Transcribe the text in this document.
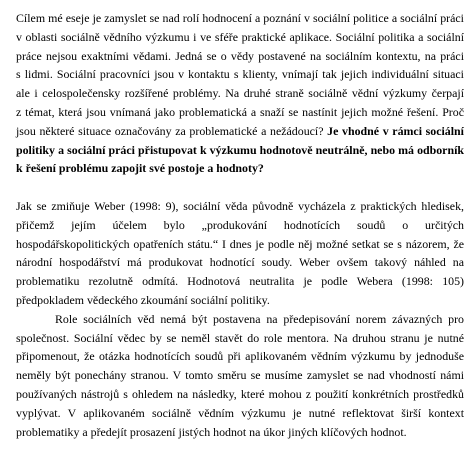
Cílem mé eseje je zamyslet se nad rolí hodnocení a poznání v sociální politice a sociální práci
v oblasti sociálně vědního výzkumu i ve sféře praktické aplikace. Sociální politika a sociální
práce nejsou exaktními vědami. Jedná se o vědy postavené na sociálním kontextu, na práci
s lidmi. Sociální pracovníci jsou v kontaktu s klienty, vnímají tak jejich individuální situaci
ale i celospolečensky rozšířené problémy. Na druhé straně sociálně vědní výzkumy čerpají
z témat, která jsou vnímaná jako problematická a snaží se nastínit jejich možné řešení. Proč
jsou některé situace označovány za problematické a nežádoucí? Je vhodné v rámci sociální
politiky a sociální práci přistupovat k výzkumu hodnotově neutrálně, nebo má odborník
k řešení problému zapojit své postoje a hodnoty?
Jak se zmiňuje Weber (1998: 9), sociální věda původně vycházela z praktických hledisek,
přičemž jejím účelem bylo „produkování hodnotících soudů o určitých
hospodářskopolitických opatřeních státu.“ I dnes je podle něj možné setkat se s názorem, že
národní hospodářství má produkovat hodnotící soudy. Weber ovšem takový náhled na
problematiku rezolutně odmítá. Hodnotová neutralita je podle Webera (1998: 105)
předpokladem vědeckého zkoumání sociální politiky.
Role sociálních věd nemá být postavena na předepisování norem závazných pro
společnost. Sociální vědec by se neměl stavět do role mentora. Na druhou stranu je nutné
připomenout, že otázka hodnotících soudů při aplikovaném vědním výzkumu by jednoduše
neměly být ponechány stranou. V tomto směru se musíme zamyslet se nad vhodností námi
používaných nástrojů s ohledem na následky, které mohou z použití konkrétních prostředků
vyplývat. V aplikovaném sociálně vědním výzkumu je nutné reflektovat širší kontext
problematiky a předejít prosazení jistých hodnot na úkor jiných klíčových hodnot.
